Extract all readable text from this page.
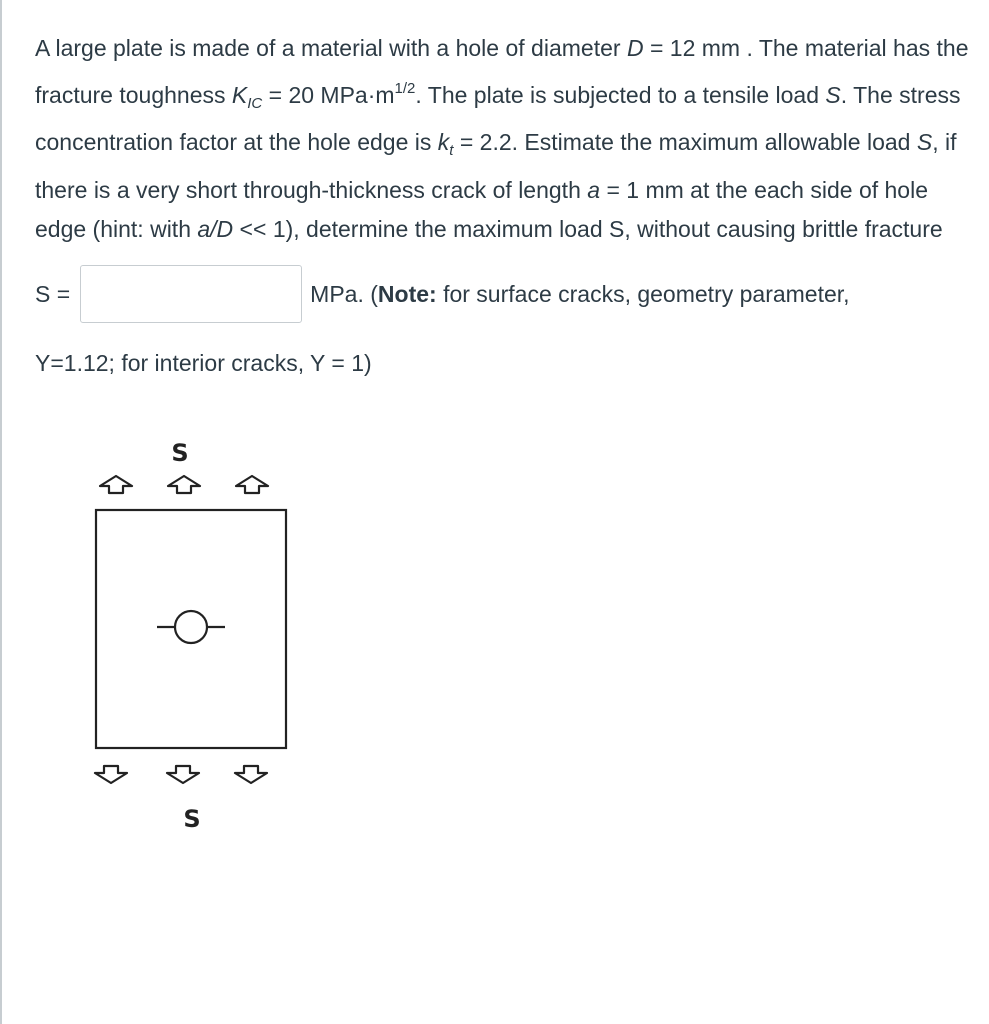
A large plate is made of a material with a hole of diameter D = 12 mm . The material has the fracture toughness $K_{IC} = 20$ $MPa\cdot m^{1/2}$. The plate is subjected to a tensile load S. The stress concentration factor at the hole edge is $k_t = 2.2$. Estimate the maximum allowable load S, if there is a very short through-thickness crack of length a = 1 mm at the each side of hole edge (hint: with a/D << 1), determine the maximum load S, without causing brittle fracture
S =	MPa. (Note: for surface cracks, geometry parameter,
Y=1.12; for interior cracks, Y = 1)
S
S
